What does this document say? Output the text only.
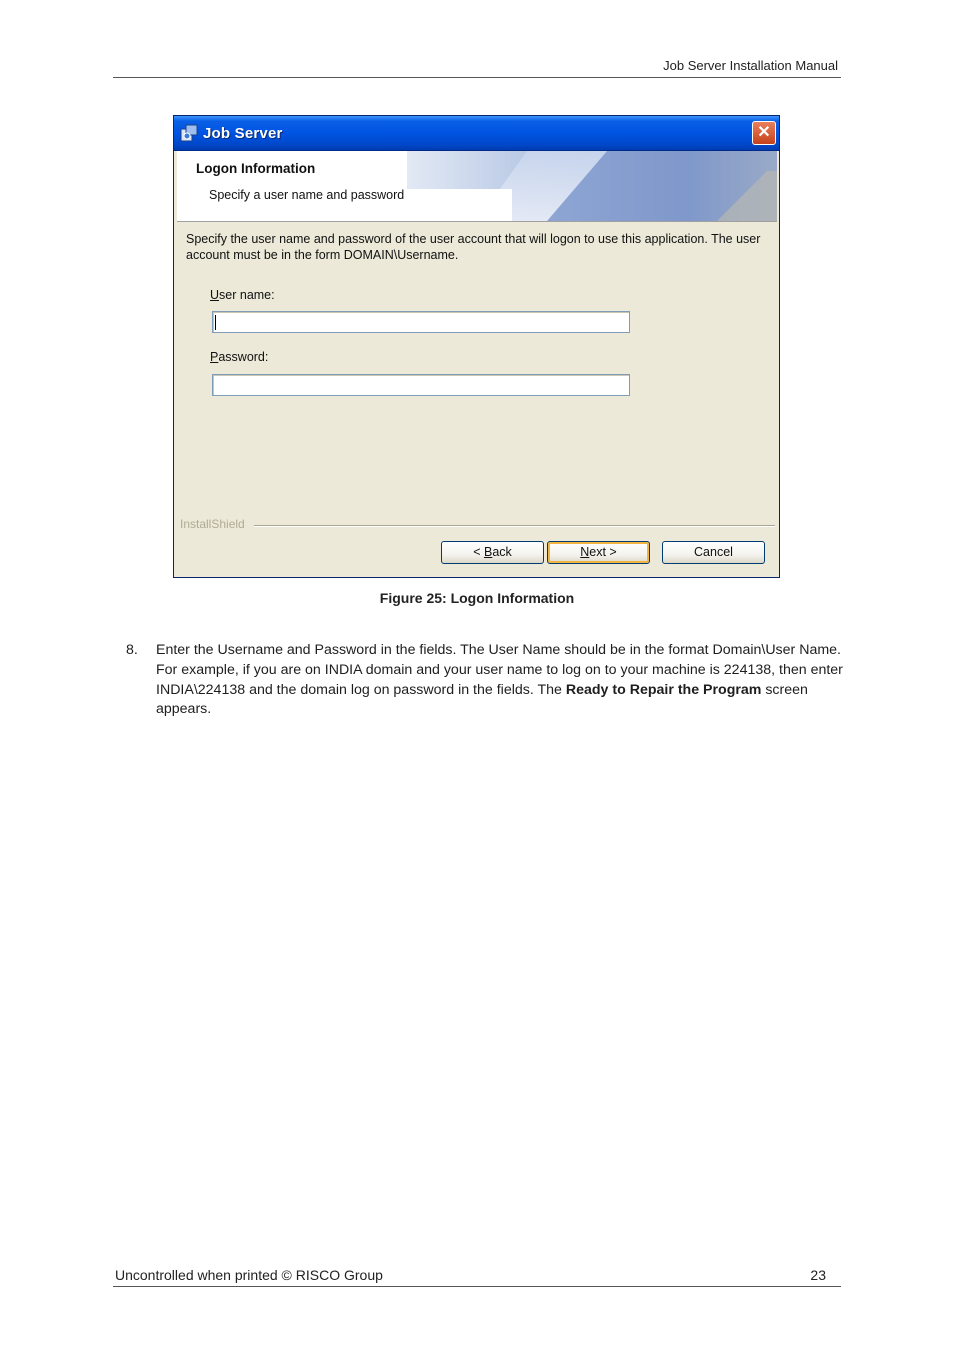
Job Server Installation Manual
Job Server	✕
Logon Information
Specify a user name and password
Specify the user name and password of the user account that will logon to use this application. The user account must be in the form DOMAIN\Username.
User name:
Password:
InstallShield
< Back	Next >	Cancel
Figure 25: Logon Information
8. Enter the Username and Password in the fields. The User Name should be in the format Domain\User Name. For example, if you are on INDIA domain and your user name to log on to your machine is 224138, then enter INDIA\224138 and the domain log on password in the fields. The Ready to Repair the Program screen appears.
Uncontrolled when printed © RISCO Group	23
